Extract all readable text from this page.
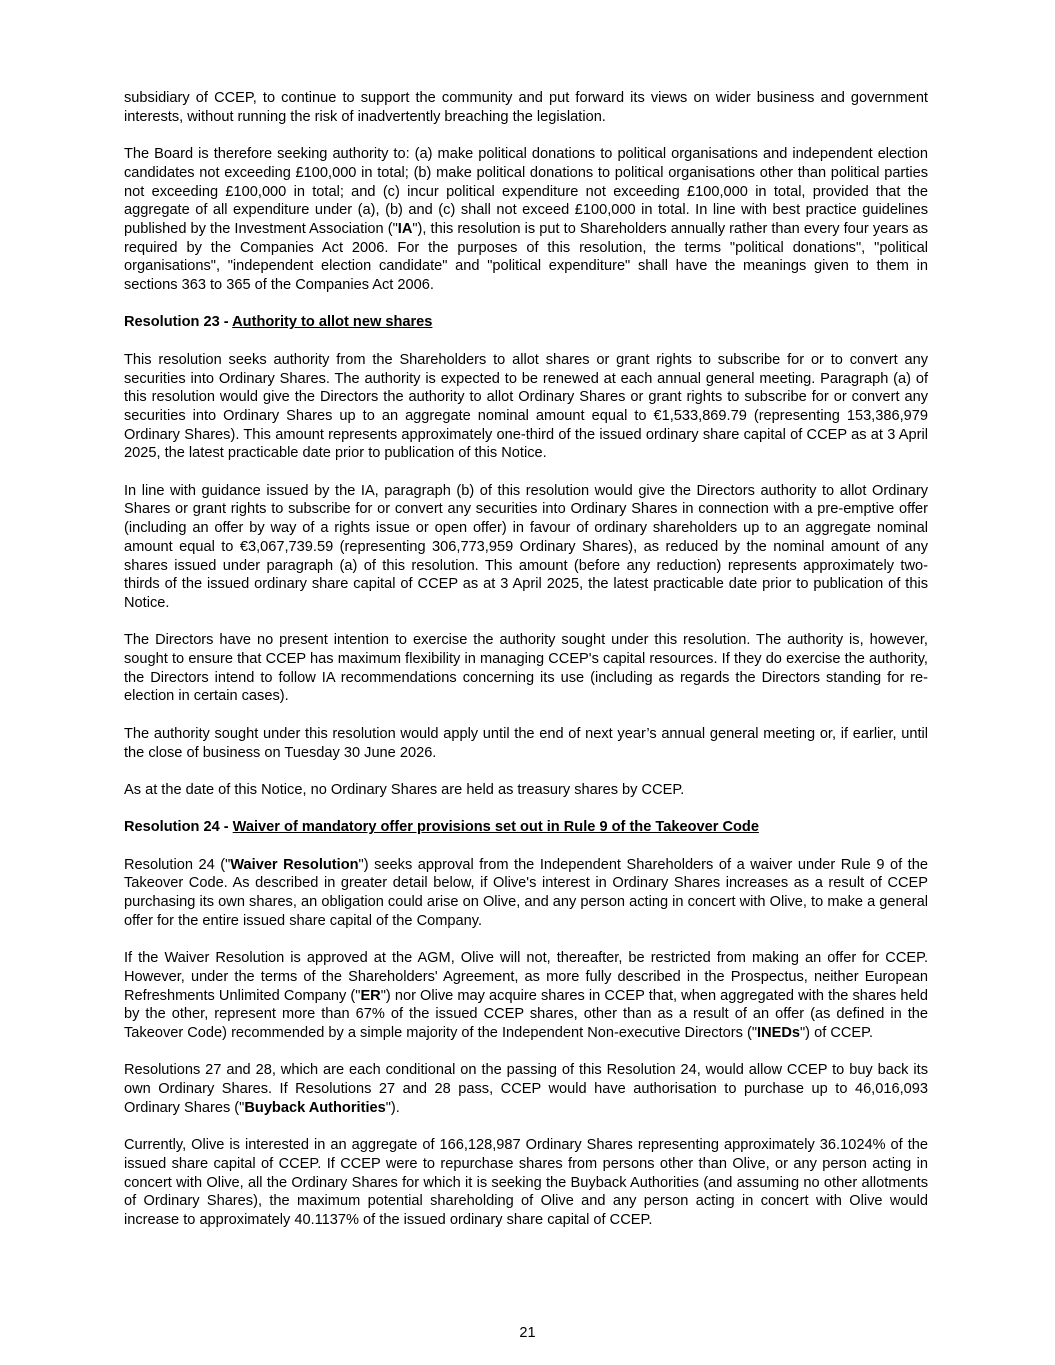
subsidiary of CCEP, to continue to support the community and put forward its views on wider business and government interests, without running the risk of inadvertently breaching the legislation.

The Board is therefore seeking authority to: (a) make political donations to political organisations and independent election candidates not exceeding £100,000 in total; (b) make political donations to political organisations other than political parties not exceeding £100,000 in total; and (c) incur political expenditure not exceeding £100,000 in total, provided that the aggregate of all expenditure under (a), (b) and (c) shall not exceed £100,000 in total. In line with best practice guidelines published by the Investment Association ("IA"), this resolution is put to Shareholders annually rather than every four years as required by the Companies Act 2006. For the purposes of this resolution, the terms "political donations", "political organisations", "independent election candidate" and "political expenditure" shall have the meanings given to them in sections 363 to 365 of the Companies Act 2006.

Resolution 23 - Authority to allot new shares

This resolution seeks authority from the Shareholders to allot shares or grant rights to subscribe for or to convert any securities into Ordinary Shares. The authority is expected to be renewed at each annual general meeting. Paragraph (a) of this resolution would give the Directors the authority to allot Ordinary Shares or grant rights to subscribe for or convert any securities into Ordinary Shares up to an aggregate nominal amount equal to €1,533,869.79 (representing 153,386,979 Ordinary Shares). This amount represents approximately one-third of the issued ordinary share capital of CCEP as at 3 April 2025, the latest practicable date prior to publication of this Notice.

In line with guidance issued by the IA, paragraph (b) of this resolution would give the Directors authority to allot Ordinary Shares or grant rights to subscribe for or convert any securities into Ordinary Shares in connection with a pre-emptive offer (including an offer by way of a rights issue or open offer) in favour of ordinary shareholders up to an aggregate nominal amount equal to €3,067,739.59 (representing 306,773,959 Ordinary Shares), as reduced by the nominal amount of any shares issued under paragraph (a) of this resolution. This amount (before any reduction) represents approximately two-thirds of the issued ordinary share capital of CCEP as at 3 April 2025, the latest practicable date prior to publication of this Notice.

The Directors have no present intention to exercise the authority sought under this resolution. The authority is, however, sought to ensure that CCEP has maximum flexibility in managing CCEP's capital resources. If they do exercise the authority, the Directors intend to follow IA recommendations concerning its use (including as regards the Directors standing for re-election in certain cases).

The authority sought under this resolution would apply until the end of next year’s annual general meeting or, if earlier, until the close of business on Tuesday 30 June 2026.

As at the date of this Notice, no Ordinary Shares are held as treasury shares by CCEP.

Resolution 24 - Waiver of mandatory offer provisions set out in Rule 9 of the Takeover Code

Resolution 24 ("Waiver Resolution") seeks approval from the Independent Shareholders of a waiver under Rule 9 of the Takeover Code. As described in greater detail below, if Olive's interest in Ordinary Shares increases as a result of CCEP purchasing its own shares, an obligation could arise on Olive, and any person acting in concert with Olive, to make a general offer for the entire issued share capital of the Company.

If the Waiver Resolution is approved at the AGM, Olive will not, thereafter, be restricted from making an offer for CCEP. However, under the terms of the Shareholders' Agreement, as more fully described in the Prospectus, neither European Refreshments Unlimited Company ("ER") nor Olive may acquire shares in CCEP that, when aggregated with the shares held by the other, represent more than 67% of the issued CCEP shares, other than as a result of an offer (as defined in the Takeover Code) recommended by a simple majority of the Independent Non-executive Directors ("INEDs") of CCEP.

Resolutions 27 and 28, which are each conditional on the passing of this Resolution 24, would allow CCEP to buy back its own Ordinary Shares. If Resolutions 27 and 28 pass, CCEP would have authorisation to purchase up to 46,016,093 Ordinary Shares ("Buyback Authorities").

Currently, Olive is interested in an aggregate of 166,128,987 Ordinary Shares representing approximately 36.1024% of the issued share capital of CCEP. If CCEP were to repurchase shares from persons other than Olive, or any person acting in concert with Olive, all the Ordinary Shares for which it is seeking the Buyback Authorities (and assuming no other allotments of Ordinary Shares), the maximum potential shareholding of Olive and any person acting in concert with Olive would increase to approximately 40.1137% of the issued ordinary share capital of CCEP.

21
